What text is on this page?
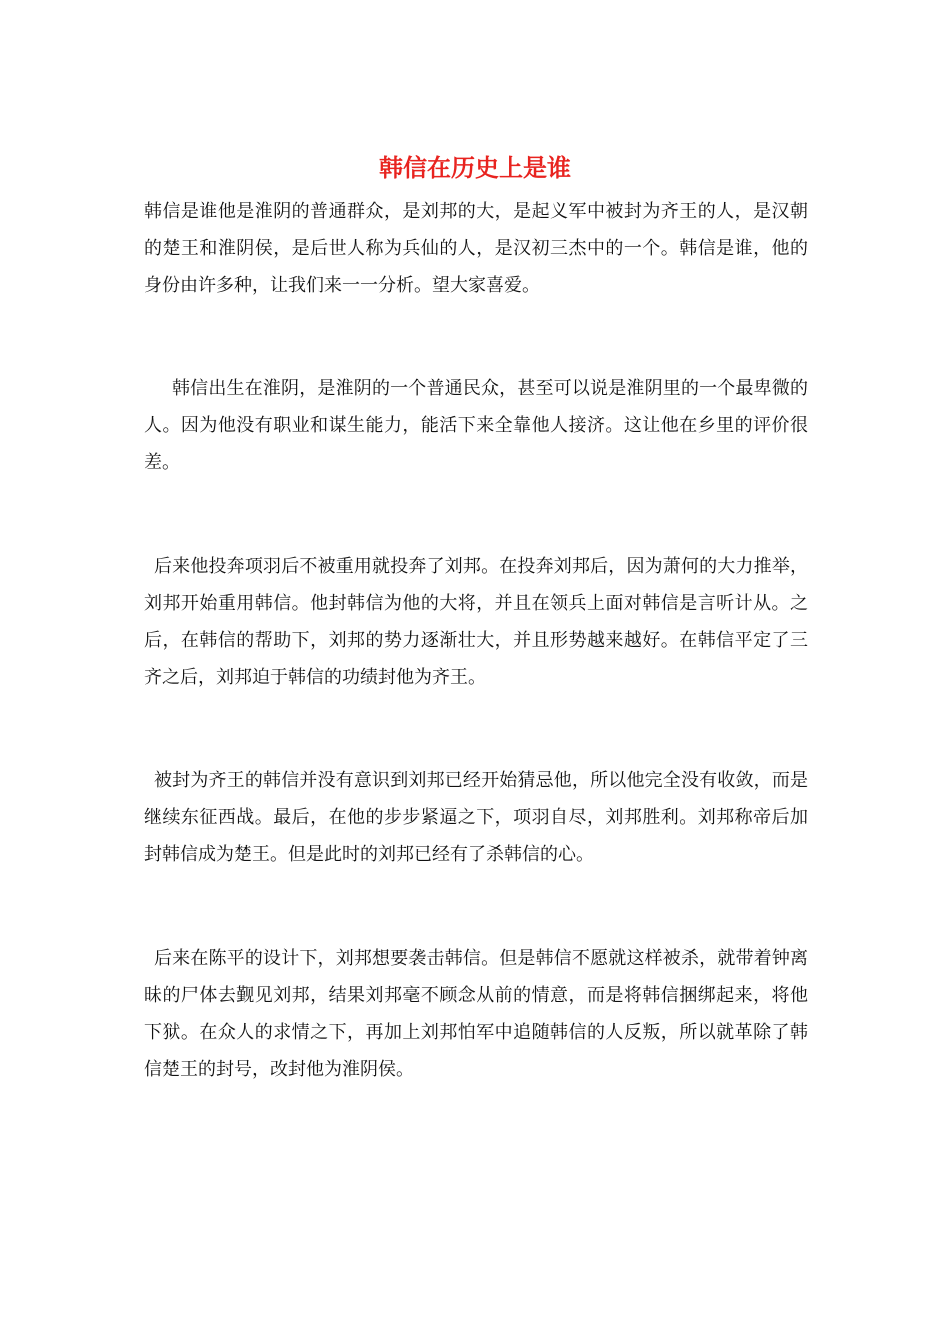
韩信在历史上是谁

韩信是谁他是淮阴的普通群众，是刘邦的大，是起义军中被封为齐王的人，是汉朝的楚王和淮阴侯，是后世人称为兵仙的人，是汉初三杰中的一个。韩信是谁，他的身份由许多种，让我们来一一分析。望大家喜爱。

韩信出生在淮阴，是淮阴的一个普通民众，甚至可以说是淮阴里的一个最卑微的人。因为他没有职业和谋生能力，能活下来全靠他人接济。这让他在乡里的评价很差。

后来他投奔项羽后不被重用就投奔了刘邦。在投奔刘邦后，因为萧何的大力推举，刘邦开始重用韩信。他封韩信为他的大将，并且在领兵上面对韩信是言听计从。之后，在韩信的帮助下，刘邦的势力逐渐壮大，并且形势越来越好。在韩信平定了三齐之后，刘邦迫于韩信的功绩封他为齐王。

被封为齐王的韩信并没有意识到刘邦已经开始猜忌他，所以他完全没有收敛，而是继续东征西战。最后，在他的步步紧逼之下，项羽自尽，刘邦胜利。刘邦称帝后加封韩信成为楚王。但是此时的刘邦已经有了杀韩信的心。

后来在陈平的设计下，刘邦想要袭击韩信。但是韩信不愿就这样被杀，就带着钟离昧的尸体去觐见刘邦，结果刘邦毫不顾念从前的情意，而是将韩信捆绑起来，将他下狱。在众人的求情之下，再加上刘邦怕军中追随韩信的人反叛，所以就革除了韩信楚王的封号，改封他为淮阴侯。
